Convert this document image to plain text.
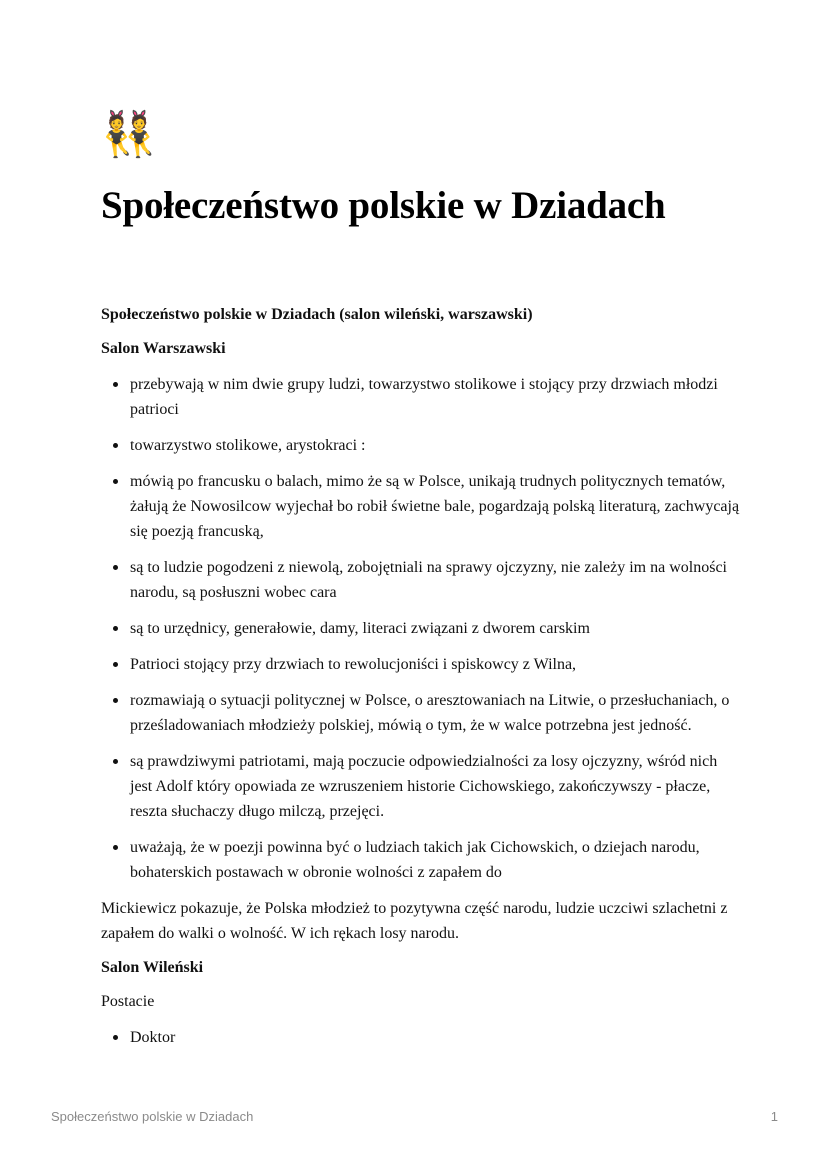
👯
Społeczeństwo polskie w Dziadach

Społeczeństwo polskie w Dziadach (salon wileński, warszawski)

Salon Warszawski

przebywają w nim dwie grupy ludzi, towarzystwo stolikowe i stojący przy drzwiach młodzi patrioci
towarzystwo stolikowe, arystokraci :
mówią po francusku o balach, mimo że są w Polsce, unikają trudnych politycznych tematów, żałują że Nowosilcow wyjechał bo robił świetne bale, pogardzają polską literaturą, zachwycają się poezją francuską,
są to ludzie pogodzeni z niewolą, zobojętniali na sprawy ojczyzny, nie zależy im na wolności narodu, są posłuszni wobec cara
są to urzędnicy, generałowie, damy, literaci związani z dworem carskim
Patrioci stojący przy drzwiach to rewolucjoniści i spiskowcy z Wilna,
rozmawiają o sytuacji politycznej w Polsce, o aresztowaniach na Litwie, o przesłuchaniach, o prześladowaniach młodzieży polskiej, mówią o tym, że w walce potrzebna jest jedność.
są prawdziwymi patriotami, mają poczucie odpowiedzialności za losy ojczyzny, wśród nich jest Adolf który opowiada ze wzruszeniem historie Cichowskiego, zakończywszy - płacze, reszta słuchaczy długo milczą, przejęci.
uważają, że w poezji powinna być o ludziach takich jak Cichowskich, o dziejach narodu, bohaterskich postawach w obronie wolności z zapałem do

Mickiewicz pokazuje, że Polska młodzież to pozytywna część narodu, ludzie uczciwi szlachetni z zapałem do walki o wolność. W ich rękach losy narodu.

Salon Wileński

Postacie

Doktor
Społeczeństwo polskie w Dziadach	1
